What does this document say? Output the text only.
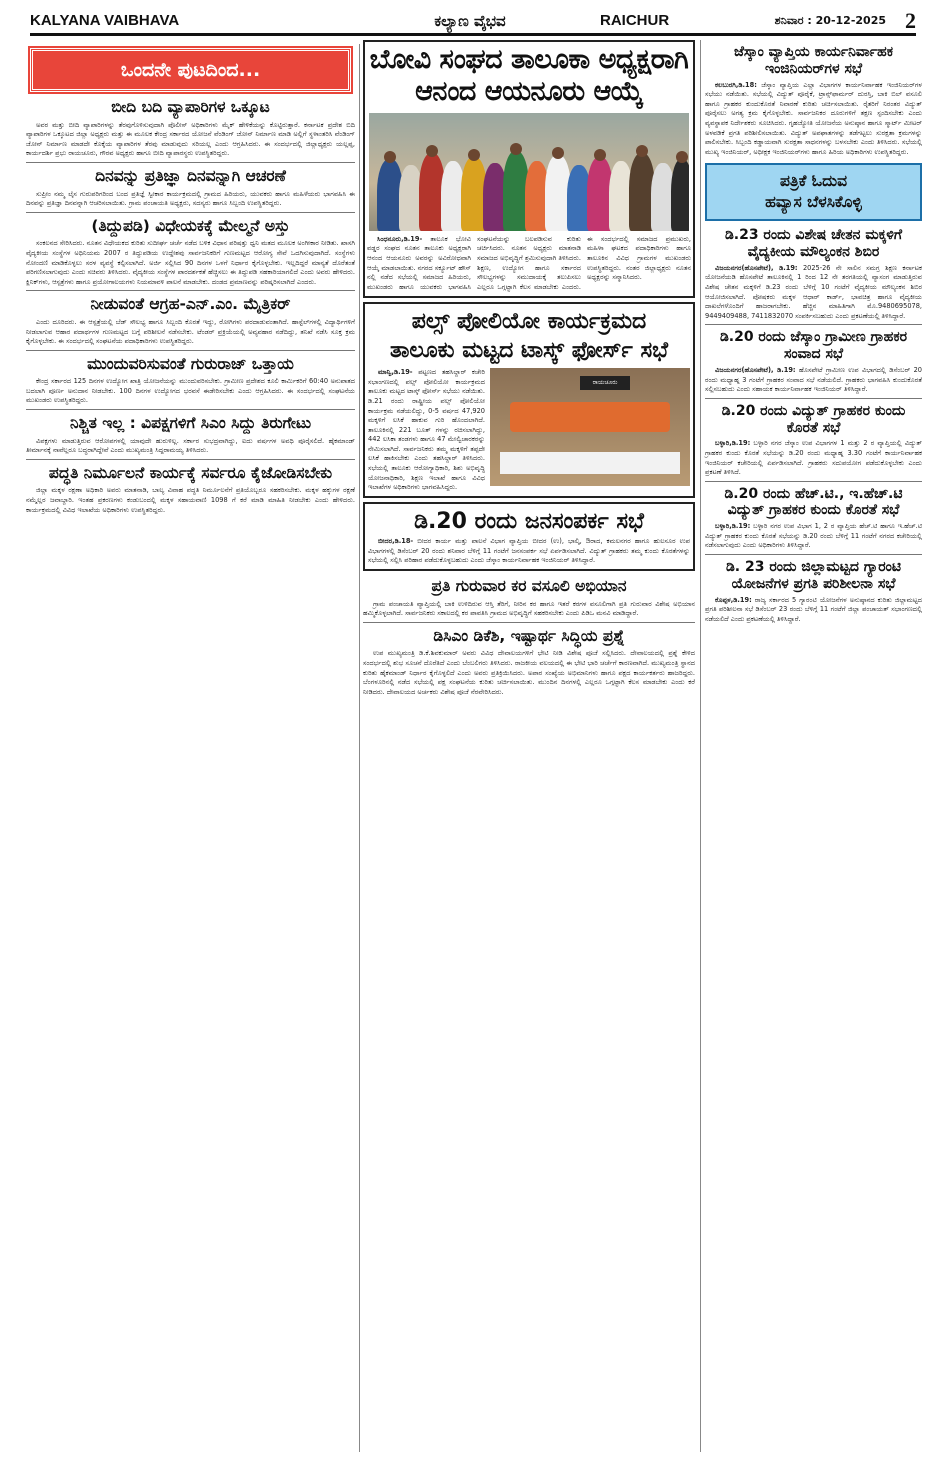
KALYANA VAIBHAVA	ಕಲ್ಯಾಣ ವೈಭವ	RAICHUR	ಶನಿವಾರ : 20-12-2025 2
ಒಂದನೇ ಪುಟದಿಂದ...
ಬೀದಿ ಬದಿ ವ್ಯಾಪಾರಿಗಳ ಒಕ್ಕೂಟ

ಅವರ ಮತ್ತು ಬೀದಿ ವ್ಯಾಪಾರಿಗಳನ್ನು ತೆರವುಗೊಳಿಸುವುದಾಗಿ ಪೊಲೀಸ್ ಅಧಿಕಾರಿಗಳು ಮೈಕ್ ಹೇಳಿಕೆಯನ್ನು ಕೊಟ್ಟಿರುತ್ತಾರೆ. ಕರ್ನಾಟಕ ಪ್ರದೇಶ ಬಿದಿ ವ್ಯಾಪಾರಿಗಳ ಒಕ್ಕೂಟದ ಜಿಲ್ಲಾ ಅಧ್ಯಕ್ಷರು ಮತ್ತು ಈ ಮೂಲಕ ಕೇಂದ್ರ ಸರ್ಕಾರದ ಯೋಜನೆ ವೆಂಡಿಂಗ್ ಜೋನ್ ನಿರ್ಮಾಣ ಮಾಡಿ ಅಲ್ಲಿಗೆ ಸ್ಥಳಾಂತರಿಸಿ ವೆಂಡಿಂಗ್ ಜೋನ್ ನಿರ್ಮಾಣ ಮಾಡದೇ ಕೊಕ್ಕೆಯ ವ್ಯಾಪಾರಿಗಳ ತೆರವು ಮಾಡುವುದು ಸರಿಯಲ್ಲ ಎಂದು ಆಗ್ರಹಿಸಿದರು. ಈ ಸಂದರ್ಭದಲ್ಲಿ ಜಿಲ್ಲಾಧ್ಯಕ್ಷರು ಯಲ್ಲಪ್ಪ, ಕಾರ್ಯದರ್ಶಿ ಪ್ರಭು ರಾಯಚೂರು, ಗೌರವ ಅಧ್ಯಕ್ಷರು ಹಾಗೂ ಬೀದಿ ವ್ಯಾಪಾರಸ್ಥರು ಉಪಸ್ಥಿತರಿದ್ದರು.

ದಿನವನ್ನು ಪ್ರತಿಜ್ಞಾ ದಿನವನ್ನಾಗಿ ಆಚರಣೆ

ಸುಪ್ರೀಂ ನಮ್ಮ ಲೈಸ ಗುರುಪರಿಗರಿಂದ ಬಂದ ಪ್ರತಿಜ್ಞೆ ಸ್ವೀಕಾರ ಕಾರ್ಯಕ್ರಮದಲ್ಲಿ ಗ್ರಾಮದ ಹಿರಿಯರು, ಯುವಕರು ಹಾಗೂ ಮಹಿಳೆಯರು ಭಾಗವಹಿಸಿ ಈ ದಿನವನ್ನು ಪ್ರತಿಜ್ಞಾ ದಿನವನ್ನಾಗಿ ಆಚರಿಸಲಾಯಿತು. ಗ್ರಾಮ ಪಂಚಾಯತಿ ಅಧ್ಯಕ್ಷರು, ಸದಸ್ಯರು ಹಾಗೂ ಸಿಬ್ಬಂದಿ ಉಪಸ್ಥಿತರಿದ್ದರು.

(ತಿದ್ದುಪಡಿ) ವಿಧೇಯಕಕ್ಕೆ ಮೇಲ್ಮನೆ ಅಸ್ತು

ಸಂಕಲನದ ಸೇರಿಸಿದರು. ನೂತನ ವಿಧೇಯಕದ ಕುರಿತು ಸುದೀರ್ಘ ಚರ್ಚೆ ನಡೆದ ಬಳಿಕ ವಿಧಾನ ಪರಿಷತ್ತು ಧ್ವನಿ ಮತದ ಮೂಲಕ ಅಂಗೀಕಾರ ನೀಡಿತು. ಖಾಸಗಿ ವೈದ್ಯಕೀಯ ಸಂಸ್ಥೆಗಳ ಅಧಿನಿಯಮ 2007 ರ ತಿದ್ದುಪಡಿಯ ಉದ್ದೇಶವು ಸಾರ್ವಜನಿಕರಿಗೆ ಗುಣಮಟ್ಟದ ಆರೋಗ್ಯ ಸೇವೆ ಒದಗಿಸುವುದಾಗಿದೆ. ಸಂಸ್ಥೆಗಳು ನೋಂದಣಿ ಮಾಡಿಕೊಳ್ಳಲು ಸರಳ ವ್ಯವಸ್ಥೆ ಕಲ್ಪಿಸಲಾಗಿದೆ. ಅರ್ಜಿ ಸಲ್ಲಿಸಿದ 90 ದಿನಗಳ ಒಳಗೆ ನಿರ್ಧಾರ ಕೈಗೊಳ್ಳಬೇಕು. ಇಲ್ಲದಿದ್ದರೆ ಮಾನ್ಯತೆ ದೊರೆತಂತೆ ಪರಿಗಣಿಸಲಾಗುವುದು ಎಂದು ಸಚಿವರು ತಿಳಿಸಿದರು. ವೈದ್ಯಕೀಯ ಸಂಸ್ಥೆಗಳ ಪಾರದರ್ಶಕತೆ ಹೆಚ್ಚಿಸಲು ಈ ತಿದ್ದುಪಡಿ ಸಹಕಾರಿಯಾಗಲಿದೆ ಎಂದು ಅವರು ಹೇಳಿದರು. ಕ್ಲಿನಿಕ್‌ಗಳು, ಆಸ್ಪತ್ರೆಗಳು ಹಾಗೂ ಪ್ರಯೋಗಾಲಯಗಳು ನಿಯಮಾವಳಿ ಪಾಲನೆ ಮಾಡಬೇಕು. ದಂಡದ ಪ್ರಮಾಣವನ್ನು ಪರಿಷ್ಕರಿಸಲಾಗಿದೆ ಎಂದರು.

ನೀಡುವಂತೆ ಆಗ್ರಹ-ಎನ್.ಎಂ. ಮೈತ್ರಿಕರ್

ಎಂದು ದೂರಿದರು. ಈ ಆಸ್ಪತ್ರೆಯಲ್ಲಿ ಬೆಡ್ ಸೌಲಭ್ಯ ಹಾಗೂ ಸಿಬ್ಬಂದಿ ಕೊರತೆ ಇದ್ದು, ರೋಗಿಗಳು ಪರದಾಡುವಂತಾಗಿದೆ. ಹಾಸ್ಟೆಲ್‌ಗಳಲ್ಲಿ ವಿದ್ಯಾರ್ಥಿಗಳಿಗೆ ನೀಡಲಾಗುವ ಆಹಾರ ಪದಾರ್ಥಗಳ ಗುಣಮಟ್ಟದ ಬಗ್ಗೆ ಪರಿಶೀಲನೆ ನಡೆಸಬೇಕು. ಟೆಂಡರ್ ಪ್ರಕ್ರಿಯೆಯಲ್ಲಿ ಅವ್ಯವಹಾರ ನಡೆದಿದ್ದು, ತನಿಖೆ ನಡೆಸಿ ಸೂಕ್ತ ಕ್ರಮ ಕೈಗೊಳ್ಳಬೇಕು. ಈ ಸಂದರ್ಭದಲ್ಲಿ ಸಂಘಟನೆಯ ಪದಾಧಿಕಾರಿಗಳು ಉಪಸ್ಥಿತರಿದ್ದರು.

ಮುಂದುವರಿಸುವಂತೆ ಗುರುರಾಜ್ ಒತ್ತಾಯ

ಕೇಂದ್ರ ಸರ್ಕಾರದ 125 ದಿನಗಳ ಉದ್ಯೋಗ ಖಾತ್ರಿ ಯೋಜನೆಯನ್ನು ಮುಂದುವರಿಸಬೇಕು. ಗ್ರಾಮೀಣ ಪ್ರದೇಶದ ಕೂಲಿ ಕಾರ್ಮಿಕರಿಗೆ 60:40 ಅನುಪಾತದ ಬದಲಾಗಿ ಪೂರ್ಣ ಅನುದಾನ ನೀಡಬೇಕು. 100 ದಿನಗಳ ಉದ್ಯೋಗದ ಭರವಸೆ ಈಡೇರಿಸಬೇಕು ಎಂದು ಆಗ್ರಹಿಸಿದರು. ಈ ಸಂದರ್ಭದಲ್ಲಿ ಸಂಘಟನೆಯ ಮುಖಂಡರು ಉಪಸ್ಥಿತರಿದ್ದರು.

ನಿಶ್ಚಿತ ಇಲ್ಲ : ವಿಪಕ್ಷಗಳಿಗೆ ಸಿಎಂ ಸಿದ್ದು ತಿರುಗೇಟು

ವಿಪಕ್ಷಗಳು ಮಾಡುತ್ತಿರುವ ಆರೋಪಗಳಲ್ಲಿ ಯಾವುದೇ ಹುರುಳಿಲ್ಲ. ಸರ್ಕಾರ ಸುಭದ್ರವಾಗಿದ್ದು, ಐದು ವರ್ಷಗಳ ಅವಧಿ ಪೂರೈಸಲಿದೆ. ಹೈಕಮಾಂಡ್ ತೀರ್ಮಾನಕ್ಕೆ ನಾವೆಲ್ಲರೂ ಬದ್ಧರಾಗಿದ್ದೇವೆ ಎಂದು ಮುಖ್ಯಮಂತ್ರಿ ಸಿದ್ದರಾಮಯ್ಯ ತಿಳಿಸಿದರು.

ಪದ್ಧತಿ ನಿರ್ಮೂಲನೆ ಕಾರ್ಯಕ್ಕೆ ಸರ್ವರೂ ಕೈಜೋಡಿಸಬೇಕು

ಜಿಲ್ಲಾ ಮಕ್ಕಳ ರಕ್ಷಣಾ ಅಧಿಕಾರಿ ಅವರು ಮಾತನಾಡಿ, ಬಾಲ್ಯ ವಿವಾಹ ಪದ್ಧತಿ ನಿರ್ಮೂಲನೆಗೆ ಪ್ರತಿಯೊಬ್ಬರೂ ಸಹಕರಿಸಬೇಕು. ಮಕ್ಕಳ ಹಕ್ಕುಗಳ ರಕ್ಷಣೆ ನಮ್ಮೆಲ್ಲರ ಜವಾಬ್ದಾರಿ. ಇಂತಹ ಪ್ರಕರಣಗಳು ಕಂಡುಬಂದಲ್ಲಿ ಮಕ್ಕಳ ಸಹಾಯವಾಣಿ 1098 ಗೆ ಕರೆ ಮಾಡಿ ಮಾಹಿತಿ ನೀಡಬೇಕು ಎಂದು ಹೇಳಿದರು. ಕಾರ್ಯಕ್ರಮದಲ್ಲಿ ವಿವಿಧ ಇಲಾಖೆಯ ಅಧಿಕಾರಿಗಳು ಉಪಸ್ಥಿತರಿದ್ದರು.

ಬೋವಿ ಸಂಘದ ತಾಲೂಕಾ ಅಧ್ಯಕ್ಷರಾಗಿ
ಆನಂದ ಆಯನೂರು ಆಯ್ಕೆ

ಸಿಂಧನೂರು,ಡಿ.19- ತಾಲೂಕ ಭೋವಿ ವಡ್ಡರ ಸಂಘದ ನೂತನ ತಾಲೂಕು ಅಧ್ಯಕ್ಷರಾಗಿ ಆನಂದ ಆಯನೂರು ಅವರನ್ನು ಅವಿರೋಧವಾಗಿ ಆಯ್ಕೆ ಮಾಡಲಾಯಿತು. ನಗರದ ಸರ್ಕ್ಯೂಟ್ ಹೌಸ್ ನಲ್ಲಿ ನಡೆದ ಸಭೆಯಲ್ಲಿ ಸಮಾಜದ ಹಿರಿಯರು, ಮುಖಂಡರು ಹಾಗೂ ಯುವಕರು ಭಾಗವಹಿಸಿ ಸಂಘಟನೆಯನ್ನು ಬಲಪಡಿಸುವ ಕುರಿತು ಚರ್ಚಿಸಿದರು. ನೂತನ ಅಧ್ಯಕ್ಷರು ಮಾತನಾಡಿ ಸಮಾಜದ ಅಭಿವೃದ್ಧಿಗೆ ಶ್ರಮಿಸುವುದಾಗಿ ತಿಳಿಸಿದರು. ಶಿಕ್ಷಣ, ಉದ್ಯೋಗ ಹಾಗೂ ಸರ್ಕಾರದ ಸೌಲಭ್ಯಗಳನ್ನು ಸಮುದಾಯಕ್ಕೆ ತಲುಪಿಸಲು ಎಲ್ಲರೂ ಒಗ್ಗಟ್ಟಾಗಿ ಕೆಲಸ ಮಾಡಬೇಕು ಎಂದರು. ಈ ಸಂದರ್ಭದಲ್ಲಿ ಸಮಾಜದ ಪ್ರಮುಖರು, ಮಹಿಳಾ ಘಟಕದ ಪದಾಧಿಕಾರಿಗಳು ಹಾಗೂ ತಾಲೂಕಿನ ವಿವಿಧ ಗ್ರಾಮಗಳ ಮುಖಂಡರು ಉಪಸ್ಥಿತರಿದ್ದರು. ನಂತರ ಜಿಲ್ಲಾಧ್ಯಕ್ಷರು ನೂತನ ಅಧ್ಯಕ್ಷರನ್ನು ಸನ್ಮಾನಿಸಿದರು.

ಪಲ್ಸ್ ಪೋಲಿಯೋ ಕಾರ್ಯಕ್ರಮದ
ತಾಲೂಕು ಮಟ್ಟದ ಟಾಸ್ಕ್ ಫೋರ್ಸ್ ಸಭೆ

ಮಾನ್ವಿ,ಡಿ.19- ಪಟ್ಟಣದ ತಹಸಿಲ್ದಾರ್ ಕಚೇರಿ ಸಭಾಂಗಣದಲ್ಲಿ ಪಲ್ಸ್ ಪೋಲಿಯೋ ಕಾರ್ಯಕ್ರಮದ ತಾಲೂಕು ಮಟ್ಟದ ಟಾಸ್ಕ್ ಫೋರ್ಸ್ ಸಭೆಯು ನಡೆಯಿತು. ಡಿ.21 ರಂದು ರಾಷ್ಟ್ರೀಯ ಪಲ್ಸ್ ಪೋಲಿಯೋ ಕಾರ್ಯಕ್ರಮ ನಡೆಯಲಿದ್ದು, 0-5 ವರ್ಷದ 47,920 ಮಕ್ಕಳಿಗೆ ಲಸಿಕೆ ಹಾಕುವ ಗುರಿ ಹೊಂದಲಾಗಿದೆ. ತಾಲೂಕಿನಲ್ಲಿ 221 ಬೂತ್ ಗಳನ್ನು ರಚಿಸಲಾಗಿದ್ದು, 442 ಲಸಿಕಾ ತಂಡಗಳು ಹಾಗೂ 47 ಮೇಲ್ವಿಚಾರಕರನ್ನು ನೇಮಿಸಲಾಗಿದೆ. ಸಾರ್ವಜನಿಕರು ತಮ್ಮ ಮಕ್ಕಳಿಗೆ ತಪ್ಪದೇ ಲಸಿಕೆ ಹಾಕಿಸಬೇಕು ಎಂದು ತಹಸಿಲ್ದಾರ್ ತಿಳಿಸಿದರು. ಸಭೆಯಲ್ಲಿ ತಾಲೂಕು ಆರೋಗ್ಯಾಧಿಕಾರಿ, ಶಿಶು ಅಭಿವೃದ್ಧಿ ಯೋಜನಾಧಿಕಾರಿ, ಶಿಕ್ಷಣ ಇಲಾಖೆ ಹಾಗೂ ವಿವಿಧ ಇಲಾಖೆಗಳ ಅಧಿಕಾರಿಗಳು ಭಾಗವಹಿಸಿದ್ದರು.

ರಾಯಚೂರು
ಡಿ.20 ರಂದು ಜನಸಂಪರ್ಕ ಸಭೆ

ಬೀದರ,ಡಿ.18- ಬೀದರ ಕಾರ್ಯ ಮತ್ತು ಪಾಲನೆ ವಿಭಾಗ ವ್ಯಾಪ್ತಿಯ ಬೀದರ (ಉ), ಭಾಲ್ಕಿ, ಔರಾದ, ಕಮಲನಗರ ಹಾಗೂ ಹುಲಸೂರ ಉಪ ವಿಭಾಗಗಳಲ್ಲಿ ಡಿಸೆಂಬರ್ 20 ರಂದು ಶನಿವಾರ ಬೆಳಿಗ್ಗೆ 11 ಗಂಟೆಗೆ ಜನಸಂಪರ್ಕ ಸಭೆ ಏರ್ಪಡಿಸಲಾಗಿದೆ. ವಿದ್ಯುತ್ ಗ್ರಾಹಕರು ತಮ್ಮ ಕುಂದು ಕೊರತೆಗಳನ್ನು ಸಭೆಯಲ್ಲಿ ಸಲ್ಲಿಸಿ ಪರಿಹಾರ ಪಡೆದುಕೊಳ್ಳಬಹುದು ಎಂದು ಜೆಸ್ಕಾಂ ಕಾರ್ಯನಿರ್ವಾಹಕ ಇಂಜಿನಿಯರ್ ತಿಳಿಸಿದ್ದಾರೆ.

ಪ್ರತಿ ಗುರುವಾರ ಕರ ವಸೂಲಿ ಅಭಿಯಾನ

ಗ್ರಾಮ ಪಂಚಾಯತಿ ವ್ಯಾಪ್ತಿಯಲ್ಲಿ ಬಾಕಿ ಉಳಿದಿರುವ ಆಸ್ತಿ ತೆರಿಗೆ, ನೀರಿನ ಕರ ಹಾಗೂ ಇತರೆ ಕರಗಳ ವಸೂಲಿಗಾಗಿ ಪ್ರತಿ ಗುರುವಾರ ವಿಶೇಷ ಅಭಿಯಾನ ಹಮ್ಮಿಕೊಳ್ಳಲಾಗಿದೆ. ಸಾರ್ವಜನಿಕರು ಸಕಾಲದಲ್ಲಿ ಕರ ಪಾವತಿಸಿ ಗ್ರಾಮದ ಅಭಿವೃದ್ಧಿಗೆ ಸಹಕರಿಸಬೇಕು ಎಂದು ಪಿಡಿಒ ಮನವಿ ಮಾಡಿದ್ದಾರೆ.

ಡಿಸಿಎಂ ಡಿಕೆಶಿ, ಇಷ್ಟಾರ್ಥ ಸಿದ್ಧಿಯ ಪ್ರಶ್ನೆ

ಉಪ ಮುಖ್ಯಮಂತ್ರಿ ಡಿ.ಕೆ.ಶಿವಕುಮಾರ್ ಅವರು ವಿವಿಧ ದೇವಾಲಯಗಳಿಗೆ ಭೇಟಿ ನೀಡಿ ವಿಶೇಷ ಪೂಜೆ ಸಲ್ಲಿಸಿದರು. ದೇವಾಲಯದಲ್ಲಿ ಪ್ರಶ್ನೆ ಕೇಳಿದ ಸಂದರ್ಭದಲ್ಲಿ ಶುಭ ಸೂಚನೆ ದೊರೆತಿದೆ ಎಂದು ಬೆಂಬಲಿಗರು ತಿಳಿಸಿದರು. ರಾಜಕೀಯ ವಲಯದಲ್ಲಿ ಈ ಭೇಟಿ ಭಾರಿ ಚರ್ಚೆಗೆ ಕಾರಣವಾಗಿದೆ. ಮುಖ್ಯಮಂತ್ರಿ ಸ್ಥಾನದ ಕುರಿತು ಹೈಕಮಾಂಡ್ ನಿರ್ಧಾರ ಕೈಗೊಳ್ಳಲಿದೆ ಎಂದು ಅವರು ಪ್ರತಿಕ್ರಿಯಿಸಿದರು. ಅಪಾರ ಸಂಖ್ಯೆಯ ಅಭಿಮಾನಿಗಳು ಹಾಗೂ ಪಕ್ಷದ ಕಾರ್ಯಕರ್ತರು ಹಾಜರಿದ್ದರು. ಬೆಂಗಳೂರಿನಲ್ಲಿ ನಡೆದ ಸಭೆಯಲ್ಲಿ ಪಕ್ಷ ಸಂಘಟನೆಯ ಕುರಿತು ಚರ್ಚಿಸಲಾಯಿತು. ಮುಂದಿನ ದಿನಗಳಲ್ಲಿ ಎಲ್ಲರೂ ಒಗ್ಗಟ್ಟಾಗಿ ಕೆಲಸ ಮಾಡಬೇಕು ಎಂದು ಕರೆ ನೀಡಿದರು. ದೇವಾಲಯದ ಅರ್ಚಕರು ವಿಶೇಷ ಪೂಜೆ ನೆರವೇರಿಸಿದರು.

ಜೆಸ್ಕಾಂ ವ್ಯಾಪ್ತಿಯ ಕಾರ್ಯನಿರ್ವಾಹಕ ಇಂಜಿನಿಯರ್‌ಗಳ ಸಭೆ

ಕಲಬುರಗಿ,ಡಿ.18: ಜೆಸ್ಕಾಂ ವ್ಯಾಪ್ತಿಯ ಎಲ್ಲಾ ವಿಭಾಗಗಳ ಕಾರ್ಯನಿರ್ವಾಹಕ ಇಂಜಿನಿಯರ್‌ಗಳ ಸಭೆಯು ನಡೆಯಿತು. ಸಭೆಯಲ್ಲಿ ವಿದ್ಯುತ್ ಪೂರೈಕೆ, ಟ್ರಾನ್ಸ್‌ಫಾರ್ಮರ್ ದುರಸ್ತಿ, ಬಾಕಿ ಬಿಲ್ ವಸೂಲಿ ಹಾಗೂ ಗ್ರಾಹಕರ ಕುಂದುಕೊರತೆ ನಿವಾರಣೆ ಕುರಿತು ಚರ್ಚಿಸಲಾಯಿತು. ರೈತರಿಗೆ ನಿರಂತರ ವಿದ್ಯುತ್ ಪೂರೈಸಲು ಅಗತ್ಯ ಕ್ರಮ ಕೈಗೊಳ್ಳಬೇಕು. ಸಾರ್ವಜನಿಕರ ದೂರುಗಳಿಗೆ ತಕ್ಷಣ ಸ್ಪಂದಿಸಬೇಕು ಎಂದು ವ್ಯವಸ್ಥಾಪಕ ನಿರ್ದೇಶಕರು ಸೂಚಿಸಿದರು. ಗೃಹಜ್ಯೋತಿ ಯೋಜನೆಯ ಅನುಷ್ಠಾನ ಹಾಗೂ ಸ್ಮಾರ್ಟ್ ಮೀಟರ್ ಅಳವಡಿಕೆ ಪ್ರಗತಿ ಪರಿಶೀಲಿಸಲಾಯಿತು. ವಿದ್ಯುತ್ ಅಪಘಾತಗಳನ್ನು ತಡೆಗಟ್ಟಲು ಸುರಕ್ಷತಾ ಕ್ರಮಗಳನ್ನು ಪಾಲಿಸಬೇಕು. ಸಿಬ್ಬಂದಿ ಕಡ್ಡಾಯವಾಗಿ ಸುರಕ್ಷತಾ ಸಾಧನಗಳನ್ನು ಬಳಸಬೇಕು ಎಂದು ತಿಳಿಸಿದರು. ಸಭೆಯಲ್ಲಿ ಮುಖ್ಯ ಇಂಜಿನಿಯರ್, ಅಧೀಕ್ಷಕ ಇಂಜಿನಿಯರ್‌ಗಳು ಹಾಗೂ ಹಿರಿಯ ಅಧಿಕಾರಿಗಳು ಉಪಸ್ಥಿತರಿದ್ದರು.

ಪತ್ರಿಕೆ ಓದುವ
ಹವ್ಯಾಸ ಬೆಳಸಿಕೊಳ್ಳಿ
ಡಿ.23 ರಂದು ವಿಶೇಷ ಚೇತನ ಮಕ್ಕಳಿಗೆ ವೈದ್ಯಕೀಯ ಮೌಲ್ಯಂಕನ ಶಿಬಿರ

ವಿಜಯನಗರ(ಹೊಸಪೇಟೆ), ಡಿ.19: 2025-26 ನೇ ಸಾಲಿನ ಸಮಗ್ರ ಶಿಕ್ಷಣ ಕರ್ನಾಟಕ ಯೋಜನೆಯಡಿ ಹೊಸಪೇಟೆ ತಾಲೂಕಿನಲ್ಲಿ 1 ರಿಂದ 12 ನೇ ತರಗತಿಯಲ್ಲಿ ವ್ಯಾಸಂಗ ಮಾಡುತ್ತಿರುವ ವಿಶೇಷ ಚೇತನ ಮಕ್ಕಳಿಗೆ ಡಿ.23 ರಂದು ಬೆಳಿಗ್ಗೆ 10 ಗಂಟೆಗೆ ವೈದ್ಯಕೀಯ ಮೌಲ್ಯಂಕನ ಶಿಬಿರ ಆಯೋಜಿಸಲಾಗಿದೆ. ಪೋಷಕರು ಮಕ್ಕಳ ಆಧಾರ್ ಕಾರ್ಡ್, ಭಾವಚಿತ್ರ ಹಾಗೂ ವೈದ್ಯಕೀಯ ದಾಖಲೆಗಳೊಂದಿಗೆ ಹಾಜರಾಗಬೇಕು. ಹೆಚ್ಚಿನ ಮಾಹಿತಿಗಾಗಿ ಮೊ.9480695078, 9449409488, 7411832070 ಸಂಪರ್ಕಿಸಬಹುದು ಎಂದು ಪ್ರಕಟಣೆಯಲ್ಲಿ ತಿಳಿಸಿದ್ದಾರೆ.

ಡಿ.20 ರಂದು ಜೆಸ್ಕಾಂ ಗ್ರಾಮೀಣ ಗ್ರಾಹಕರ ಸಂವಾದ ಸಭೆ

ವಿಜಯನಗರ(ಹೊಸಪೇಟೆ), ಡಿ.19: ಹೊಸಪೇಟೆ ಗ್ರಾಮೀಣ ಉಪ ವಿಭಾಗದಲ್ಲಿ ಡಿಸೆಂಬರ್ 20 ರಂದು ಮಧ್ಯಾಹ್ನ 3 ಗಂಟೆಗೆ ಗ್ರಾಹಕರ ಸಂವಾದ ಸಭೆ ನಡೆಯಲಿದೆ. ಗ್ರಾಹಕರು ಭಾಗವಹಿಸಿ ಕುಂದುಕೊರತೆ ಸಲ್ಲಿಸಬಹುದು ಎಂದು ಸಹಾಯಕ ಕಾರ್ಯನಿರ್ವಾಹಕ ಇಂಜಿನಿಯರ್ ತಿಳಿಸಿದ್ದಾರೆ.

ಡಿ.20 ರಂದು ವಿದ್ಯುತ್ ಗ್ರಾಹಕರ ಕುಂದು ಕೊರತೆ ಸಭೆ

ಬಳ್ಳಾರಿ,ಡಿ.19: ಬಳ್ಳಾರಿ ನಗರ ಜೆಸ್ಕಾಂ ಉಪ ವಿಭಾಗಗಳ 1 ಮತ್ತು 2 ರ ವ್ಯಾಪ್ತಿಯಲ್ಲಿ ವಿದ್ಯುತ್ ಗ್ರಾಹಕರ ಕುಂದು ಕೊರತೆ ಸಭೆಯನ್ನು ಡಿ.20 ರಂದು ಮಧ್ಯಾಹ್ನ 3.30 ಗಂಟೆಗೆ ಕಾರ್ಯನಿರ್ವಾಹಕ ಇಂಜಿನಿಯರ್ ಕಚೇರಿಯಲ್ಲಿ ಏರ್ಪಡಿಸಲಾಗಿದೆ. ಗ್ರಾಹಕರು ಸದುಪಯೋಗ ಪಡೆದುಕೊಳ್ಳಬೇಕು ಎಂದು ಪ್ರಕಟಣೆ ತಿಳಿಸಿದೆ.

ಡಿ.20 ರಂದು ಹೆಚ್.ಟಿ., ಇ.ಹೆಚ್.ಟಿ ವಿದ್ಯುತ್ ಗ್ರಾಹಕರ ಕುಂದು ಕೊರತೆ ಸಭೆ

ಬಳ್ಳಾರಿ,ಡಿ.19: ಬಳ್ಳಾರಿ ನಗರ ಉಪ ವಿಭಾಗ 1, 2 ರ ವ್ಯಾಪ್ತಿಯ ಹೆಚ್.ಟಿ ಹಾಗೂ ಇ.ಹೆಚ್.ಟಿ ವಿದ್ಯುತ್ ಗ್ರಾಹಕರ ಕುಂದು ಕೊರತೆ ಸಭೆಯನ್ನು ಡಿ.20 ರಂದು ಬೆಳಿಗ್ಗೆ 11 ಗಂಟೆಗೆ ನಗರದ ಕಚೇರಿಯಲ್ಲಿ ನಡೆಸಲಾಗುವುದು ಎಂದು ಅಧಿಕಾರಿಗಳು ತಿಳಿಸಿದ್ದಾರೆ.

ಡಿ. 23 ರಂದು ಜಿಲ್ಲಾಮಟ್ಟದ ಗ್ಯಾರಂಟಿ ಯೋಜನೆಗಳ ಪ್ರಗತಿ ಪರಿಶೀಲನಾ ಸಭೆ

ಕೊಪ್ಪಳ,ಡಿ.19: ರಾಜ್ಯ ಸರ್ಕಾರದ 5 ಗ್ಯಾರಂಟಿ ಯೋಜನೆಗಳ ಅನುಷ್ಠಾನದ ಕುರಿತು ಜಿಲ್ಲಾಮಟ್ಟದ ಪ್ರಗತಿ ಪರಿಶೀಲನಾ ಸಭೆ ಡಿಸೆಂಬರ್ 23 ರಂದು ಬೆಳಿಗ್ಗೆ 11 ಗಂಟೆಗೆ ಜಿಲ್ಲಾ ಪಂಚಾಯತ್ ಸಭಾಂಗಣದಲ್ಲಿ ನಡೆಯಲಿದೆ ಎಂದು ಪ್ರಕಟಣೆಯಲ್ಲಿ ತಿಳಿಸಿದ್ದಾರೆ.
